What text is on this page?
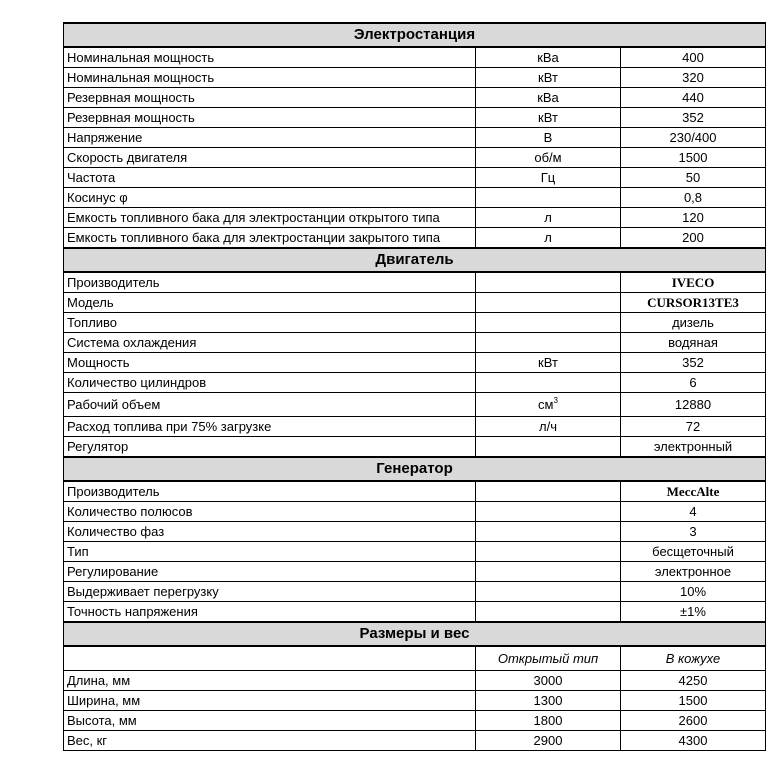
Электростанция		
Номинальная мощность	кВа	400
Номинальная мощность	кВт	320
Резервная мощность	кВа	440
Резервная мощность	кВт	352
Напряжение	В	230/400
Скорость двигателя	об/м	1500
Частота	Гц	50
Косинус φ		0,8
Емкость топливного бака для электростанции открытого типа	л	120
Емкость топливного бака для электростанции закрытого типа	л	200
Двигатель		
Производитель		IVECO
Модель		CURSOR13TE3
Топливо		дизель
Система охлаждения		водяная
Мощность	кВт	352
Количество цилиндров		6
Рабочий объем	$см^3$	12880
Расход топлива при 75% загрузке	л/ч	72
Регулятор		электронный
Генератор		
Производитель		MeccAlte
Количество полюсов		4
Количество фаз		3
Тип		бесщеточный
Регулирование		электронное
Выдерживает перегрузку		10%
Точность напряжения		±1%
Размеры и вес		
	Открытый тип	В кожухе
Длина, мм	3000	4250
Ширина, мм	1300	1500
Высота, мм	1800	2600
Вес, кг	2900	4300
